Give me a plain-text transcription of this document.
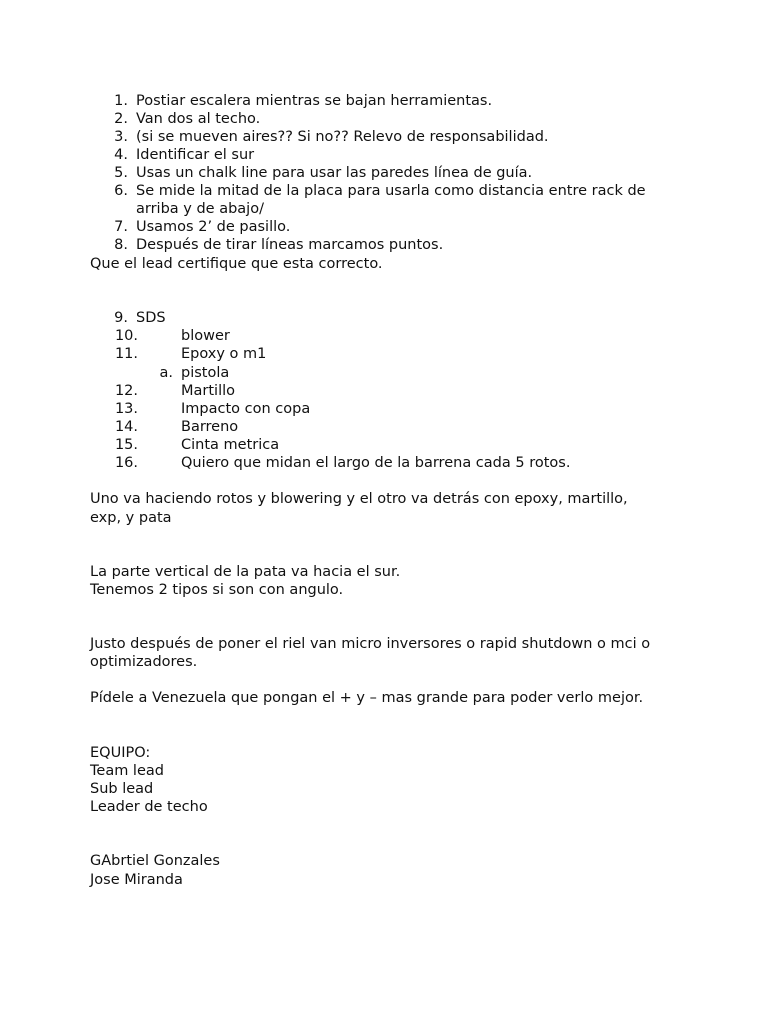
1. Postiar escalera mientras se bajan herramientas.
2. Van dos al techo.
3. (si se mueven aires?? Si no?? Relevo de responsabilidad.
4. Identificar el sur
5. Usas un chalk line para usar las paredes línea de guía.
6. Se mide la mitad de la placa para usarla como distancia entre rack de
arriba y de abajo/
7. Usamos 2’ de pasillo.
8. Después de tirar líneas marcamos puntos.
Que el lead certifique que esta correcto.
9. SDS
10.	blower
11.	Epoxy o m1
a. pistola
12.	Martillo
13.	Impacto con copa
14.	Barreno
15.	Cinta metrica
16.	Quiero que midan el largo de la barrena cada 5 rotos.
Uno va haciendo rotos y blowering y el otro va detrás con epoxy, martillo,
exp, y pata
La parte vertical de la pata va hacia el sur.
Tenemos 2 tipos si son con angulo.
Justo después de poner el riel van micro inversores o rapid shutdown o mci o
optimizadores.
Pídele a Venezuela que pongan el + y – mas grande para poder verlo mejor.
EQUIPO:
Team lead
Sub lead
Leader de techo
GAbrtiel Gonzales
Jose Miranda
